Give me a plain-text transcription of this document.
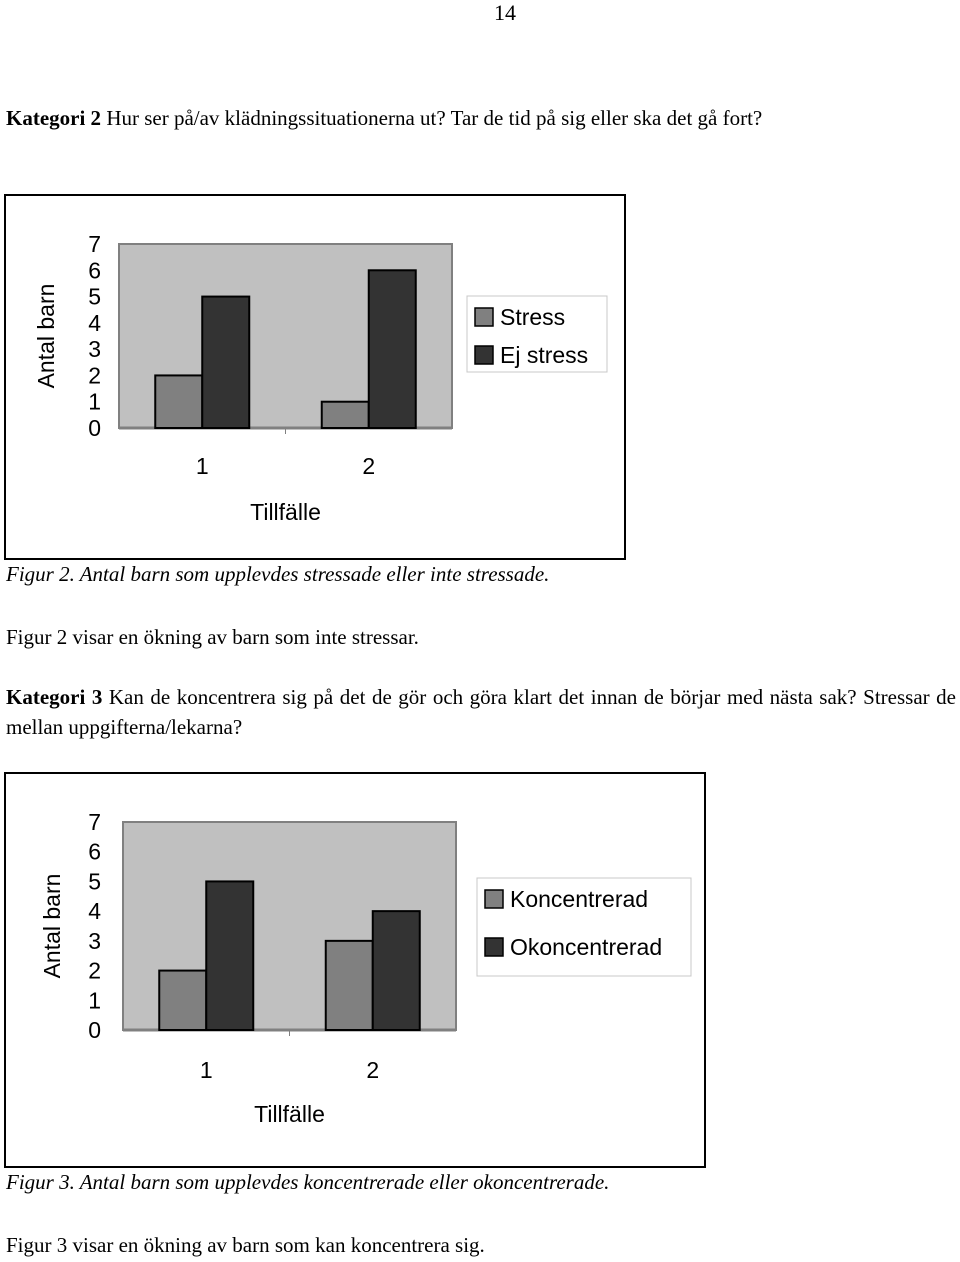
14
Kategori 2 Hur ser på/av klädningssituationerna ut? Tar de tid på sig eller ska det gå fort?
0
1
2
3
4
5
6
7
Antal barn
1	2
Tillfälle
Stress
Ej stress
Figur 2. Antal barn som upplevdes stressade eller inte stressade.
Figur 2 visar en ökning av barn som inte stressar.
Kategori 3 Kan de koncentrera sig på det de gör och göra klart det innan de börjar med nästa sak? Stressar de mellan uppgifterna/lekarna?
0
1
2
3
4
5
6
7
Antal barn
1	2
Tillfälle
Koncentrerad
Okoncentrerad
Figur 3. Antal barn som upplevdes koncentrerade eller okoncentrerade.
Figur 3 visar en ökning av barn som kan koncentrera sig.
